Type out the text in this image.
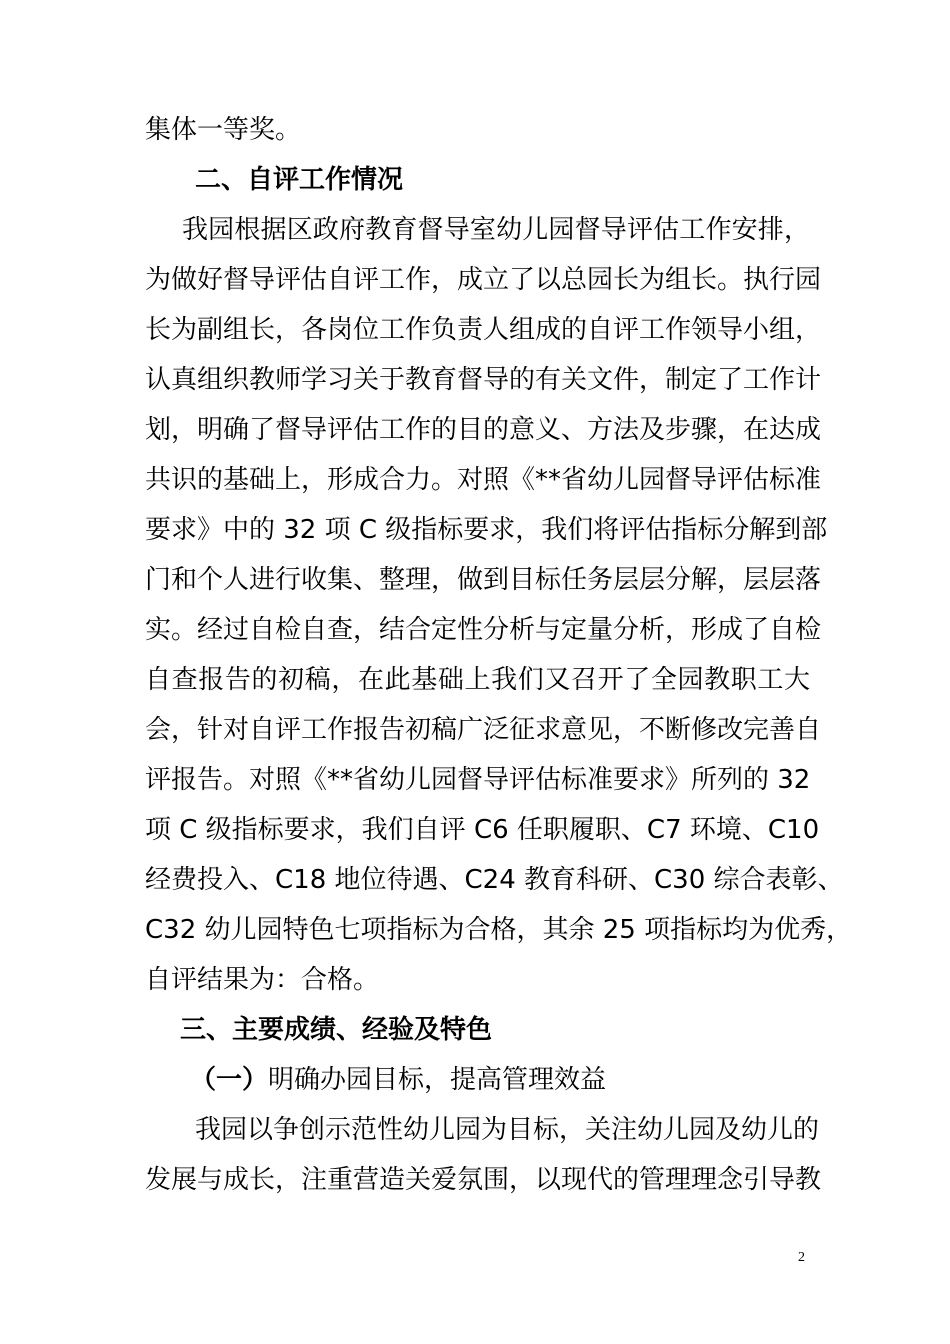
集体一等奖。
二、自评工作情况
我园根据区政府教育督导室幼儿园督导评估工作安排，
为做好督导评估自评工作，成立了以总园长为组长。执行园
长为副组长，各岗位工作负责人组成的自评工作领导小组，
认真组织教师学习关于教育督导的有关文件，制定了工作计
划，明确了督导评估工作的目的意义、方法及步骤，在达成
共识的基础上，形成合力。对照《**省幼儿园督导评估标准
要求》中的 32 项 C 级指标要求，我们将评估指标分解到部
门和个人进行收集、整理，做到目标任务层层分解，层层落
实。经过自检自查，结合定性分析与定量分析，形成了自检
自查报告的初稿，在此基础上我们又召开了全园教职工大
会，针对自评工作报告初稿广泛征求意见，不断修改完善自
评报告。对照《**省幼儿园督导评估标准要求》所列的 32
项 C 级指标要求，我们自评 C6 任职履职、C7 环境、C10
经费投入、C18 地位待遇、C24 教育科研、C30 综合表彰、
C32 幼儿园特色七项指标为合格，其余 25 项指标均为优秀，
自评结果为：合格。
三、主要成绩、经验及特色
（一）明确办园目标，提高管理效益
我园以争创示范性幼儿园为目标，关注幼儿园及幼儿的
发展与成长，注重营造关爱氛围，以现代的管理理念引导教
2
